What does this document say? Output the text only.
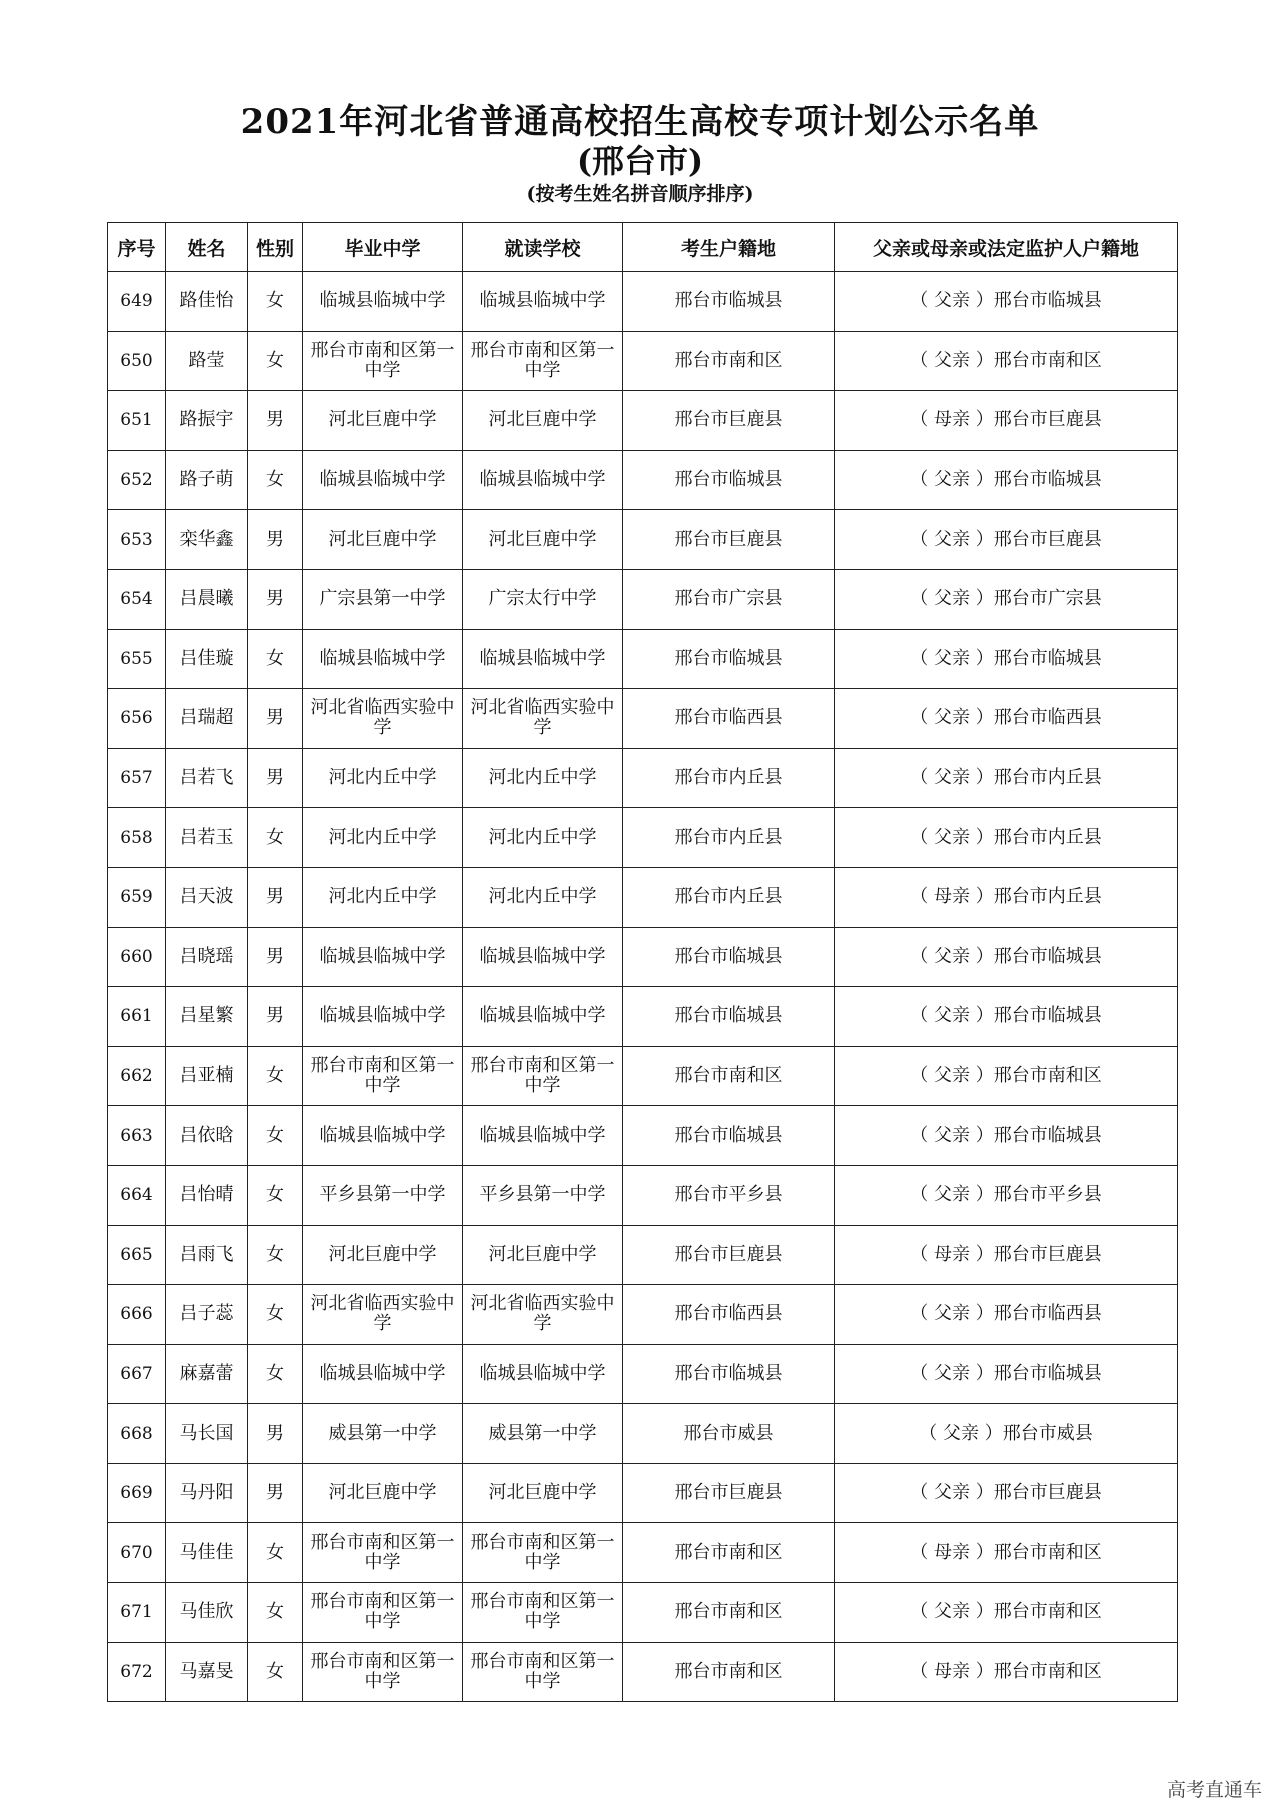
2021年河北省普通高校招生高校专项计划公示名单
(邢台市)
(按考生姓名拼音顺序排序)
序号	姓名	性别	毕业中学	就读学校	考生户籍地	父亲或母亲或法定监护人户籍地
649	路佳怡	女	临城县临城中学	临城县临城中学	邢台市临城县	（ 父亲 ）邢台市临城县
650	路莹	女	邢台市南和区第一中学	邢台市南和区第一中学	邢台市南和区	（ 父亲 ）邢台市南和区
651	路振宇	男	河北巨鹿中学	河北巨鹿中学	邢台市巨鹿县	（ 母亲 ）邢台市巨鹿县
652	路子萌	女	临城县临城中学	临城县临城中学	邢台市临城县	（ 父亲 ）邢台市临城县
653	栾华鑫	男	河北巨鹿中学	河北巨鹿中学	邢台市巨鹿县	（ 父亲 ）邢台市巨鹿县
654	吕晨曦	男	广宗县第一中学	广宗太行中学	邢台市广宗县	（ 父亲 ）邢台市广宗县
655	吕佳璇	女	临城县临城中学	临城县临城中学	邢台市临城县	（ 父亲 ）邢台市临城县
656	吕瑞超	男	河北省临西实验中学	河北省临西实验中学	邢台市临西县	（ 父亲 ）邢台市临西县
657	吕若飞	男	河北内丘中学	河北内丘中学	邢台市内丘县	（ 父亲 ）邢台市内丘县
658	吕若玉	女	河北内丘中学	河北内丘中学	邢台市内丘县	（ 父亲 ）邢台市内丘县
659	吕天波	男	河北内丘中学	河北内丘中学	邢台市内丘县	（ 母亲 ）邢台市内丘县
660	吕晓瑶	男	临城县临城中学	临城县临城中学	邢台市临城县	（ 父亲 ）邢台市临城县
661	吕星繁	男	临城县临城中学	临城县临城中学	邢台市临城县	（ 父亲 ）邢台市临城县
662	吕亚楠	女	邢台市南和区第一中学	邢台市南和区第一中学	邢台市南和区	（ 父亲 ）邢台市南和区
663	吕依晗	女	临城县临城中学	临城县临城中学	邢台市临城县	（ 父亲 ）邢台市临城县
664	吕怡晴	女	平乡县第一中学	平乡县第一中学	邢台市平乡县	（ 父亲 ）邢台市平乡县
665	吕雨飞	女	河北巨鹿中学	河北巨鹿中学	邢台市巨鹿县	（ 母亲 ）邢台市巨鹿县
666	吕子蕊	女	河北省临西实验中学	河北省临西实验中学	邢台市临西县	（ 父亲 ）邢台市临西县
667	麻嘉蕾	女	临城县临城中学	临城县临城中学	邢台市临城县	（ 父亲 ）邢台市临城县
668	马长国	男	威县第一中学	威县第一中学	邢台市威县	（ 父亲 ）邢台市威县
669	马丹阳	男	河北巨鹿中学	河北巨鹿中学	邢台市巨鹿县	（ 父亲 ）邢台市巨鹿县
670	马佳佳	女	邢台市南和区第一中学	邢台市南和区第一中学	邢台市南和区	（ 母亲 ）邢台市南和区
671	马佳欣	女	邢台市南和区第一中学	邢台市南和区第一中学	邢台市南和区	（ 父亲 ）邢台市南和区
672	马嘉旻	女	邢台市南和区第一中学	邢台市南和区第一中学	邢台市南和区	（ 母亲 ）邢台市南和区
高考直通车
